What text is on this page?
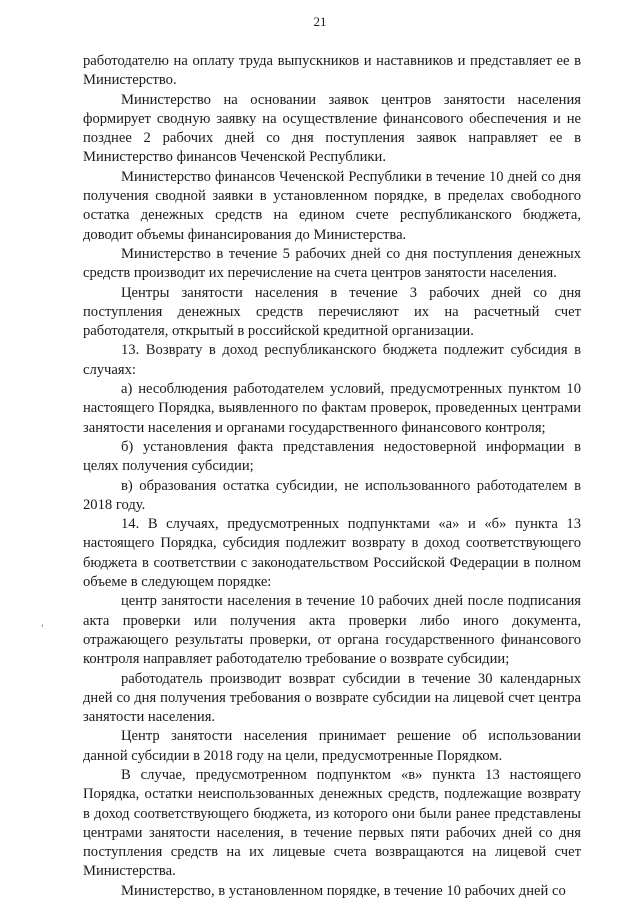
21
‘

работодателю на оплату труда выпускников и наставников и представляет ее в Министерство.

Министерство на основании заявок центров занятости населения формирует сводную заявку на осуществление финансового обеспечения и не позднее 2 рабочих дней со дня поступления заявок направляет ее в Министерство финансов Чеченской Республики.

Министерство финансов Чеченской Республики в течение 10 дней со дня получения сводной заявки в установленном порядке, в пределах свободного остатка денежных средств на едином счете республиканского бюджета, доводит объемы финансирования до Министерства.

Министерство в течение 5 рабочих дней со дня поступления денежных средств производит их перечисление на счета центров занятости населения.

Центры занятости населения в течение 3 рабочих дней со дня поступления денежных средств перечисляют их на расчетный счет работодателя, открытый в российской кредитной организации.

13. Возврату в доход республиканского бюджета подлежит субсидия в случаях:

а) несоблюдения работодателем условий, предусмотренных пунктом 10 настоящего Порядка, выявленного по фактам проверок, проведенных центрами занятости населения и органами государственного финансового контроля;

б) установления факта представления недостоверной информации в целях получения субсидии;

в) образования остатка субсидии, не использованного работодателем в 2018 году.

14. В случаях, предусмотренных подпунктами «а» и «б» пункта 13 настоящего Порядка, субсидия подлежит возврату в доход соответствующего бюджета в соответствии с законодательством Российской Федерации в полном объеме в следующем порядке:

центр занятости населения в течение 10 рабочих дней после подписания акта проверки или получения акта проверки либо иного документа, отражающего результаты проверки, от органа государственного финансового контроля направляет работодателю требование о возврате субсидии;

работодатель производит возврат субсидии в течение 30 календарных дней со дня получения требования о возврате субсидии на лицевой счет центра занятости населения.

Центр занятости населения принимает решение об использовании данной субсидии в 2018 году на цели, предусмотренные Порядком.

В случае, предусмотренном подпунктом «в» пункта 13 настоящего Порядка, остатки неиспользованных денежных средств, подлежащие возврату в доход соответствующего бюджета, из которого они были ранее представлены центрами занятости населения, в течение первых пяти рабочих дней со дня поступления средств на их лицевые счета возвращаются на лицевой счет Министерства.

Министерство, в установленном порядке, в течение 10 рабочих дней со
